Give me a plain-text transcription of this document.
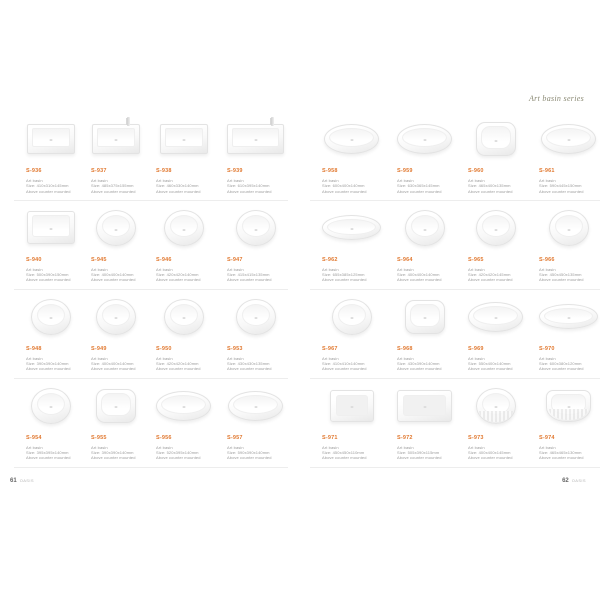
S-936
Art basin
Size: 410x310x145mm
Above counter mounted
S-937
Art basin
Size: 485x375x155mm
Above counter mounted
S-938
Art basin
Size: 460x330x140mm
Above counter mounted
S-939
Art basin
Size: 610x395x140mm
Above counter mounted
S-940
Art basin
Size: 500x390x150mm
Above counter mounted
S-945
Art basin
Size: 400x400x140mm
Above counter mounted
S-946
Art basin
Size: 420x420x140mm
Above counter mounted
S-947
Art basin
Size: 415x415x135mm
Above counter mounted
S-948
Art basin
Size: 390x390x140mm
Above counter mounted
S-949
Art basin
Size: 400x400x140mm
Above counter mounted
S-950
Art basin
Size: 420x420x140mm
Above counter mounted
S-953
Art basin
Size: 430x430x135mm
Above counter mounted
S-954
Art basin
Size: 395x395x140mm
Above counter mounted
S-955
Art basin
Size: 390x390x140mm
Above counter mounted
S-956
Art basin
Size: 520x395x140mm
Above counter mounted
S-957
Art basin
Size: 590x390x140mm
Above counter mounted
61 OASIS
Art basin series
S-958
Art basin
Size: 600x400x140mm
Above counter mounted
S-959
Art basin
Size: 630x365x145mm
Above counter mounted
S-960
Art basin
Size: 465x400x135mm
Above counter mounted
S-961
Art basin
Size: 590x445x150mm
Above counter mounted
S-962
Art basin
Size: 655x385x125mm
Above counter mounted
S-964
Art basin
Size: 400x400x140mm
Above counter mounted
S-965
Art basin
Size: 420x420x145mm
Above counter mounted
S-966
Art basin
Size: 450x450x135mm
Above counter mounted
S-967
Art basin
Size: 410x410x140mm
Above counter mounted
S-968
Art basin
Size: 430x390x140mm
Above counter mounted
S-969
Art basin
Size: 550x400x140mm
Above counter mounted
S-970
Art basin
Size: 600x380x120mm
Above counter mounted
S-971
Art basin
Size: 450x450x110mm
Above counter mounted
S-972
Art basin
Size: 505x390x115mm
Above counter mounted
S-973
Art basin
Size: 400x400x145mm
Above counter mounted
S-974
Art basin
Size: 465x465x130mm
Above counter mounted
62 OASIS
